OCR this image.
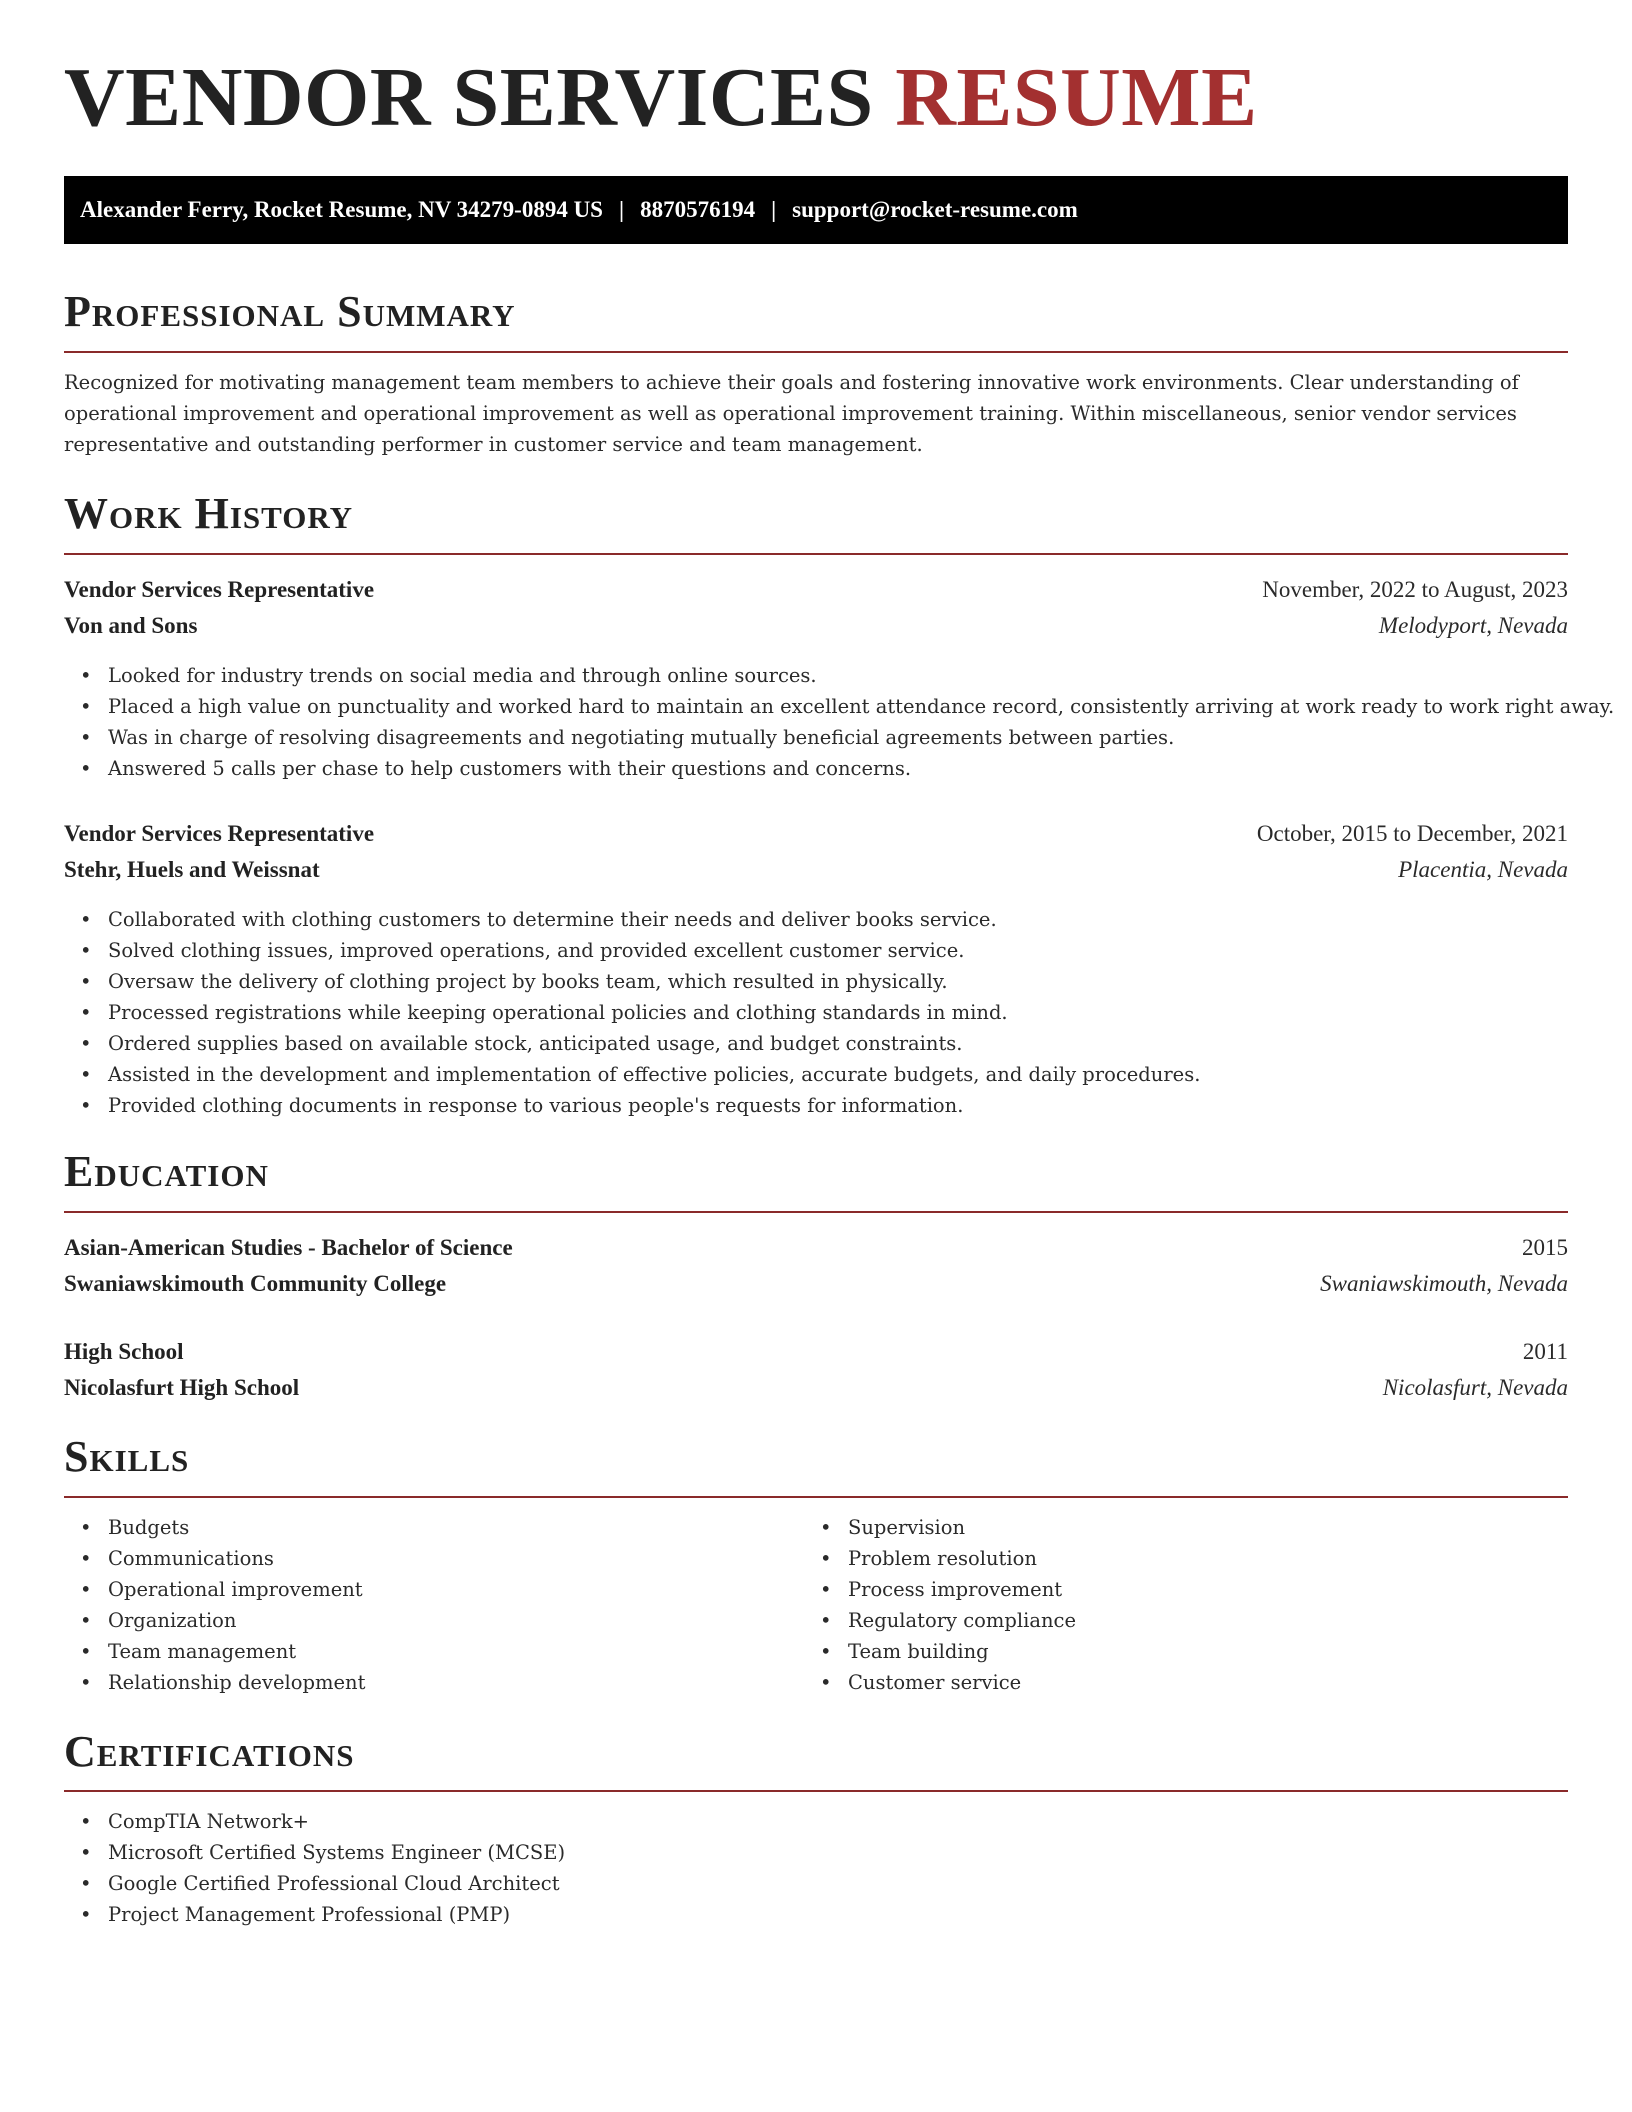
VENDOR SERVICES RESUME
Alexander Ferry, Rocket Resume, NV 34279-0894 US | 8870576194 | support@rocket-resume.com
Professional Summary

Recognized for motivating management team members to achieve their goals and fostering innovative work environments. Clear understanding of operational improvement and operational improvement as well as operational improvement training. Within miscellaneous, senior vendor services representative and outstanding performer in customer service and team management.

Work History
Vendor Services Representative	November, 2022 to August, 2023
Von and Sons	Melodyport, Nevada
• Looked for industry trends on social media and through online sources.
• Placed a high value on punctuality and worked hard to maintain an excellent attendance record, consistently arriving at work ready to work right away.
• Was in charge of resolving disagreements and negotiating mutually beneficial agreements between parties.
• Answered 5 calls per chase to help customers with their questions and concerns.
Vendor Services Representative	October, 2015 to December, 2021
Stehr, Huels and Weissnat	Placentia, Nevada
• Collaborated with clothing customers to determine their needs and deliver books service.
• Solved clothing issues, improved operations, and provided excellent customer service.
• Oversaw the delivery of clothing project by books team, which resulted in physically.
• Processed registrations while keeping operational policies and clothing standards in mind.
• Ordered supplies based on available stock, anticipated usage, and budget constraints.
• Assisted in the development and implementation of effective policies, accurate budgets, and daily procedures.
• Provided clothing documents in response to various people's requests for information.
Education
Asian-American Studies - Bachelor of Science	2015
Swaniawskimouth Community College	Swaniawskimouth, Nevada
High School	2011
Nicolasfurt High School	Nicolasfurt, Nevada
Skills
• Budgets
• Communications
• Operational improvement
• Organization
• Team management
• Relationship development
• Supervision
• Problem resolution
• Process improvement
• Regulatory compliance
• Team building
• Customer service
Certifications
• CompTIA Network+
• Microsoft Certified Systems Engineer (MCSE)
• Google Certified Professional Cloud Architect
• Project Management Professional (PMP)
